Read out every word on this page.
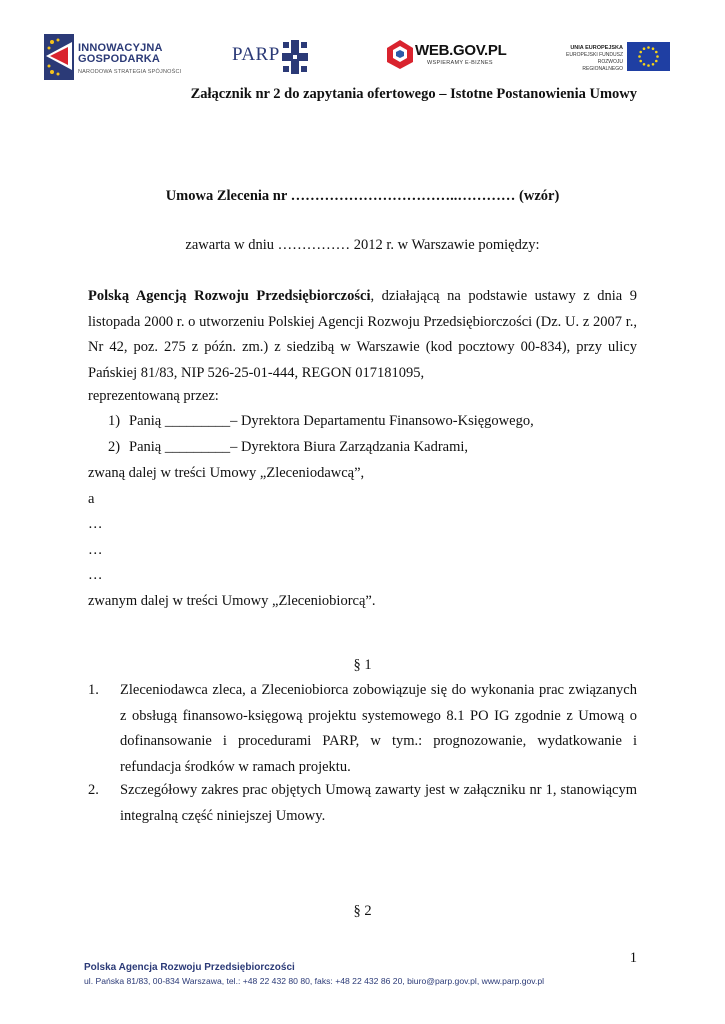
INNOWACYJNA
GOSPODARKA
NARODOWA STRATEGIA SPÓJNOŚCI
PARP	WEB.GOV.PL
WSPIERAMY E-BIZNES
UNIA EUROPEJSKA
EUROPEJSKI FUNDUSZ
ROZWOJU REGIONALNEGO
Załącznik nr 2 do zapytania ofertowego – Istotne Postanowienia Umowy
Umowa Zlecenia nr ……………………………..………… (wzór)
zawarta w dniu …………… 2012 r. w Warszawie pomiędzy:
Polską Agencją Rozwoju Przedsiębiorczości, działającą na podstawie ustawy z dnia 9 listopada 2000 r. o utworzeniu Polskiej Agencji Rozwoju Przedsiębiorczości (Dz. U. z 2007 r., Nr 42, poz. 275 z późn. zm.) z siedzibą w Warszawie (kod pocztowy 00-834), przy ulicy Pańskiej 81/83, NIP 526-25-01-444, REGON 017181095,
reprezentowaną przez:
1) Panią _________– Dyrektora Departamentu Finansowo-Księgowego,
2) Panią _________– Dyrektora Biura Zarządzania Kadrami,
zwaną dalej w treści Umowy „Zleceniodawcą”,
a
…
…
…
zwanym dalej w treści Umowy „Zleceniobiorcą”.
§ 1
1. Zleceniodawca zleca, a Zleceniobiorca zobowiązuje się do wykonania prac związanych z obsługą finansowo-księgową projektu systemowego 8.1 PO IG zgodnie z Umową o dofinansowanie i procedurami PARP, w tym.: prognozowanie, wydatkowanie i refundacja środków w ramach projektu.
2. Szczegółowy zakres prac objętych Umową zawarty jest w załączniku nr 1, stanowiącym integralną część niniejszej Umowy.
§ 2
1
Polska Agencja Rozwoju Przedsiębiorczości
ul. Pańska 81/83, 00-834 Warszawa, tel.: +48 22 432 80 80, faks: +48 22 432 86 20, biuro@parp.gov.pl, www.parp.gov.pl
